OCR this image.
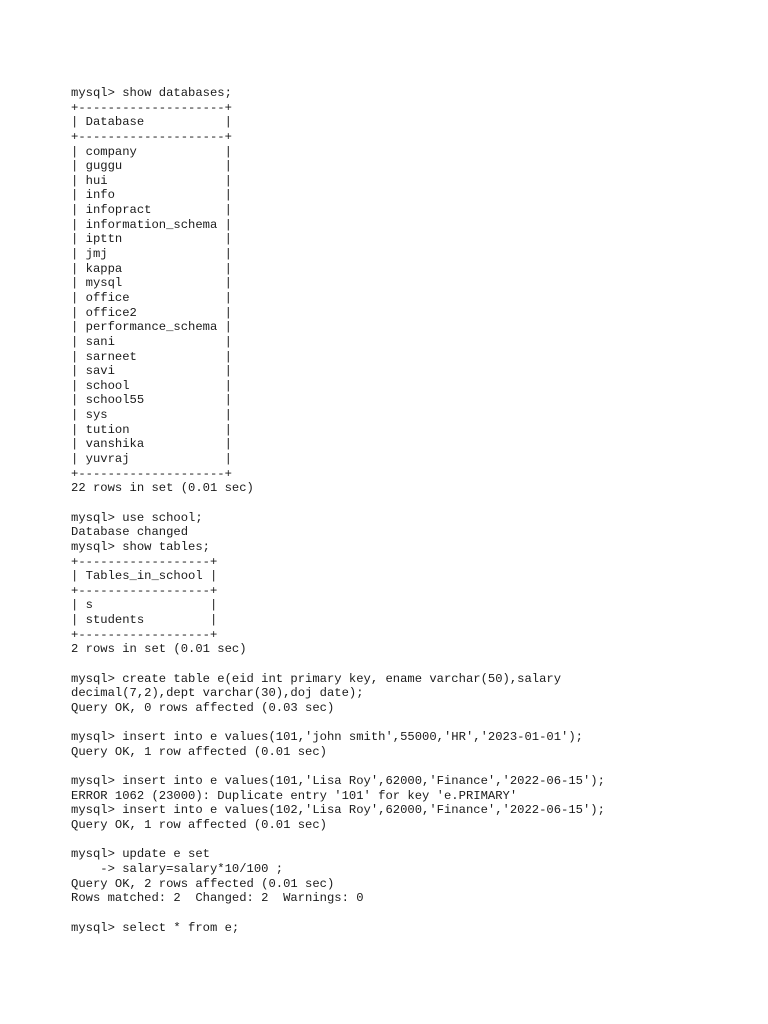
mysql> show databases;
+--------------------+
| Database           |
+--------------------+
| company            |
| guggu              |
| hui                |
| info               |
| infopract          |
| information_schema |
| ipttn              |
| jmj                |
| kappa              |
| mysql              |
| office             |
| office2            |
| performance_schema |
| sani               |
| sarneet            |
| savi               |
| school             |
| school55           |
| sys                |
| tution             |
| vanshika           |
| yuvraj             |
+--------------------+
22 rows in set (0.01 sec)
mysql> use school;
Database changed
mysql> show tables;
+------------------+
| Tables_in_school |
+------------------+
| s                |
| students         |
+------------------+
2 rows in set (0.01 sec)
mysql> create table e(eid int primary key, ename varchar(50),salary
decimal(7,2),dept varchar(30),doj date);
Query OK, 0 rows affected (0.03 sec)
mysql> insert into e values(101,'john smith',55000,'HR','2023-01-01');
Query OK, 1 row affected (0.01 sec)
mysql> insert into e values(101,'Lisa Roy',62000,'Finance','2022-06-15');
ERROR 1062 (23000): Duplicate entry '101' for key 'e.PRIMARY'
mysql> insert into e values(102,'Lisa Roy',62000,'Finance','2022-06-15');
Query OK, 1 row affected (0.01 sec)
mysql> update e set
-> salary=salary*10/100 ;
Query OK, 2 rows affected (0.01 sec)
Rows matched: 2  Changed: 2  Warnings: 0
mysql> select * from e;
